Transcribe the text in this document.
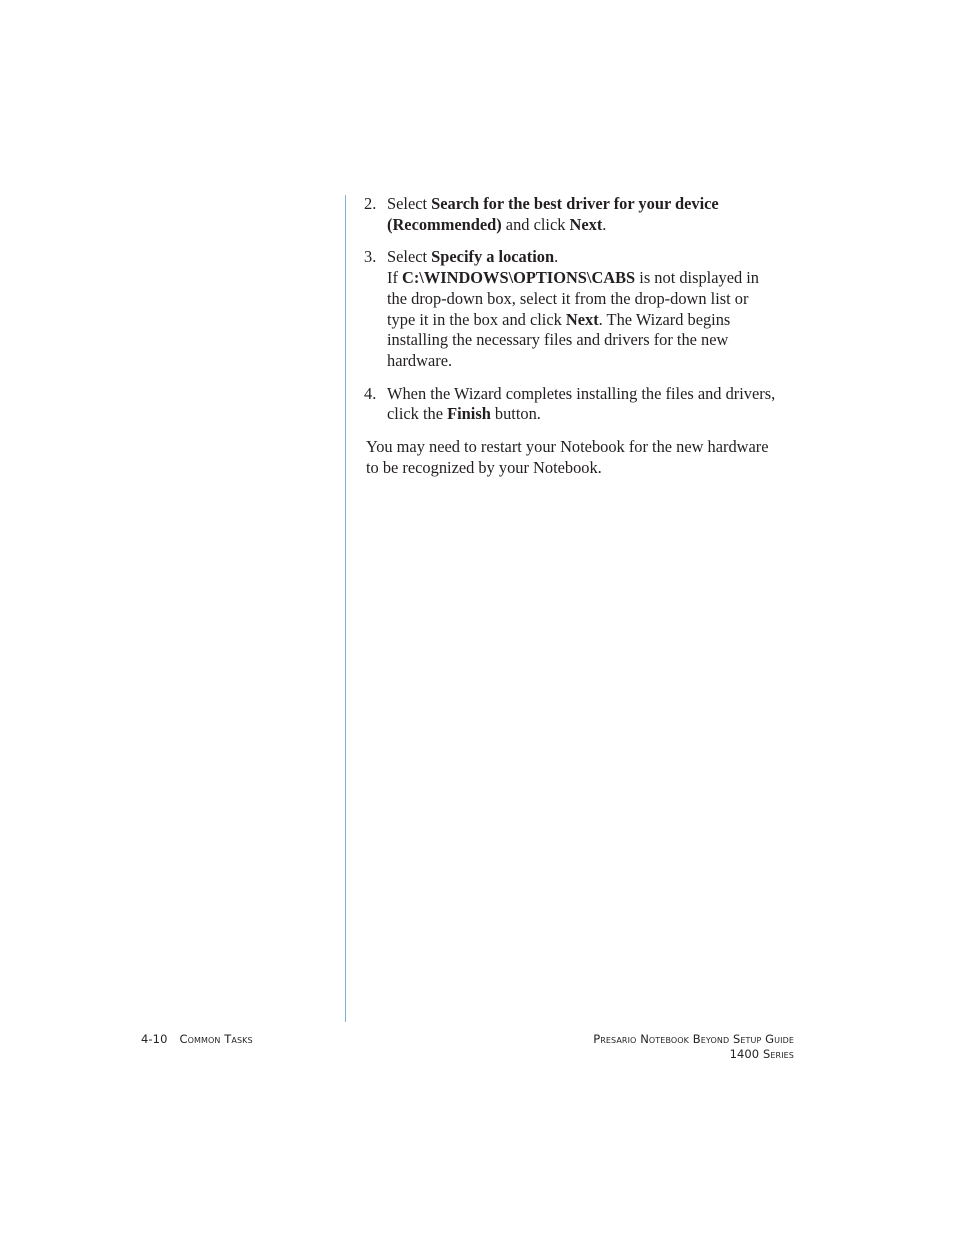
2. Select Search for the best driver for your device
(Recommended) and click Next.
3. Select Specify a location.
If C:\WINDOWS\OPTIONS\CABS is not displayed in
the drop-down box, select it from the drop-down list or
type it in the box and click Next. The Wizard begins
installing the necessary files and drivers for the new
hardware.
4. When the Wizard completes installing the files and drivers,
click the Finish button.

You may need to restart your Notebook for the new hardware
to be recognized by your Notebook.

4-10 Common Tasks	Presario Notebook Beyond Setup Guide
1400 Series
